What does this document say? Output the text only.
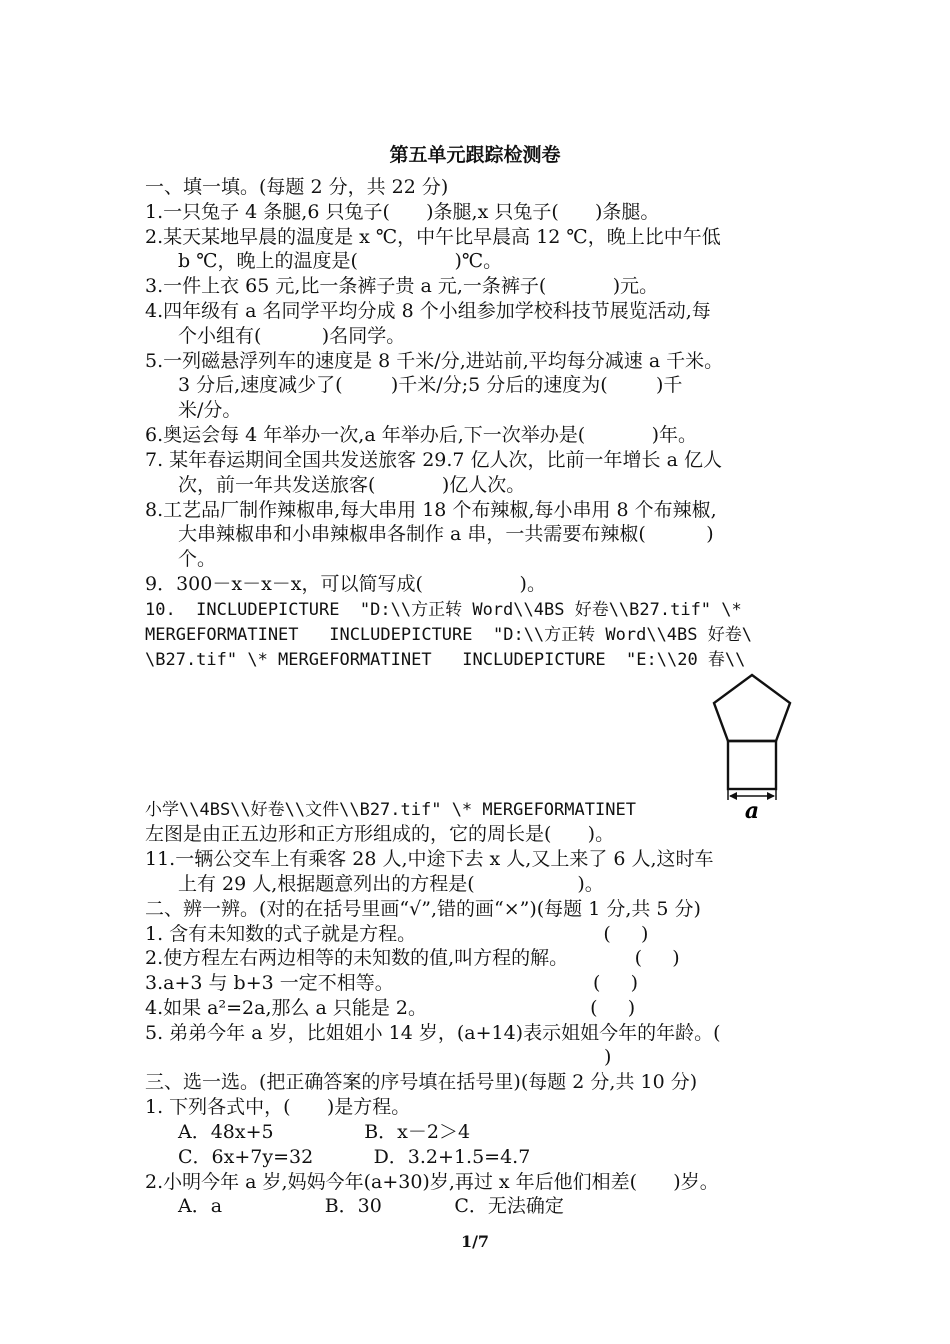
第五单元跟踪检测卷
一、填一填。(每题 2 分，共 22 分)
1.一只兔子 4 条腿,6 只兔子(      )条腿,x 只兔子(      )条腿。
2.某天某地早晨的温度是 x ℃，中午比早晨高 12 ℃，晚上比中午低
b ℃，晚上的温度是(                )℃。
3.一件上衣 65 元,比一条裤子贵 a 元,一条裤子(           )元。
4.四年级有 a 名同学平均分成 8 个小组参加学校科技节展览活动,每
个小组有(          )名同学。
5.一列磁悬浮列车的速度是 8 千米/分,进站前,平均每分减速 a 千米。
3 分后,速度减少了(        )千米/分;5 分后的速度为(        )千
米/分。
6.奥运会每 4 年举办一次,a 年举办后,下一次举办是(           )年。
7. 某年春运期间全国共发送旅客 29.7 亿人次，比前一年增长 a 亿人
次，前一年共发送旅客(           )亿人次。
8.工艺品厂制作辣椒串,每大串用 18 个布辣椒,每小串用 8 个布辣椒,
大串辣椒串和小串辣椒串各制作 a 串，一共需要布辣椒(          )
个。
9．300－x－x－x，可以简写成(                )。
10.  INCLUDEPICTURE  "D:\\方正转 Word\\4BS 好卷\\B27.tif" \*
MERGEFORMATINET   INCLUDEPICTURE  "D:\\方正转 Word\\4BS 好卷\
\B27.tif" \* MERGEFORMATINET   INCLUDEPICTURE  "E:\\20 春\\
a
小学\\4BS\\好卷\\文件\\B27.tif" \* MERGEFORMATINET
左图是由正五边形和正方形组成的，它的周长是(      )。
11.一辆公交车上有乘客 28 人,中途下去 x 人,又上来了 6 人,这时车
上有 29 人,根据题意列出的方程是(                 )。
二、辨一辨。(对的在括号里画“√”,错的画“×”)(每题 1 分,共 5 分)
1. 含有未知数的式子就是方程。                               (     )
2.使方程左右两边相等的未知数的值,叫方程的解。           (     )
3.a+3 与 b+3 一定不相等。                                 (     )
4.如果 a²=2a,那么 a 只能是 2。                           (     )
5. 弟弟今年 a 岁，比姐姐小 14 岁，(a+14)表示姐姐今年的年龄。(
)
三、选一选。(把正确答案的序号填在括号里)(每题 2 分,共 10 分)
1. 下列各式中，(      )是方程。
A．48x+5               B．x－2＞4
C．6x+7y=32          D．3.2+1.5=4.7
2.小明今年 a 岁,妈妈今年(a+30)岁,再过 x 年后他们相差(      )岁。
A．a                 B．30            C．无法确定
1/7
